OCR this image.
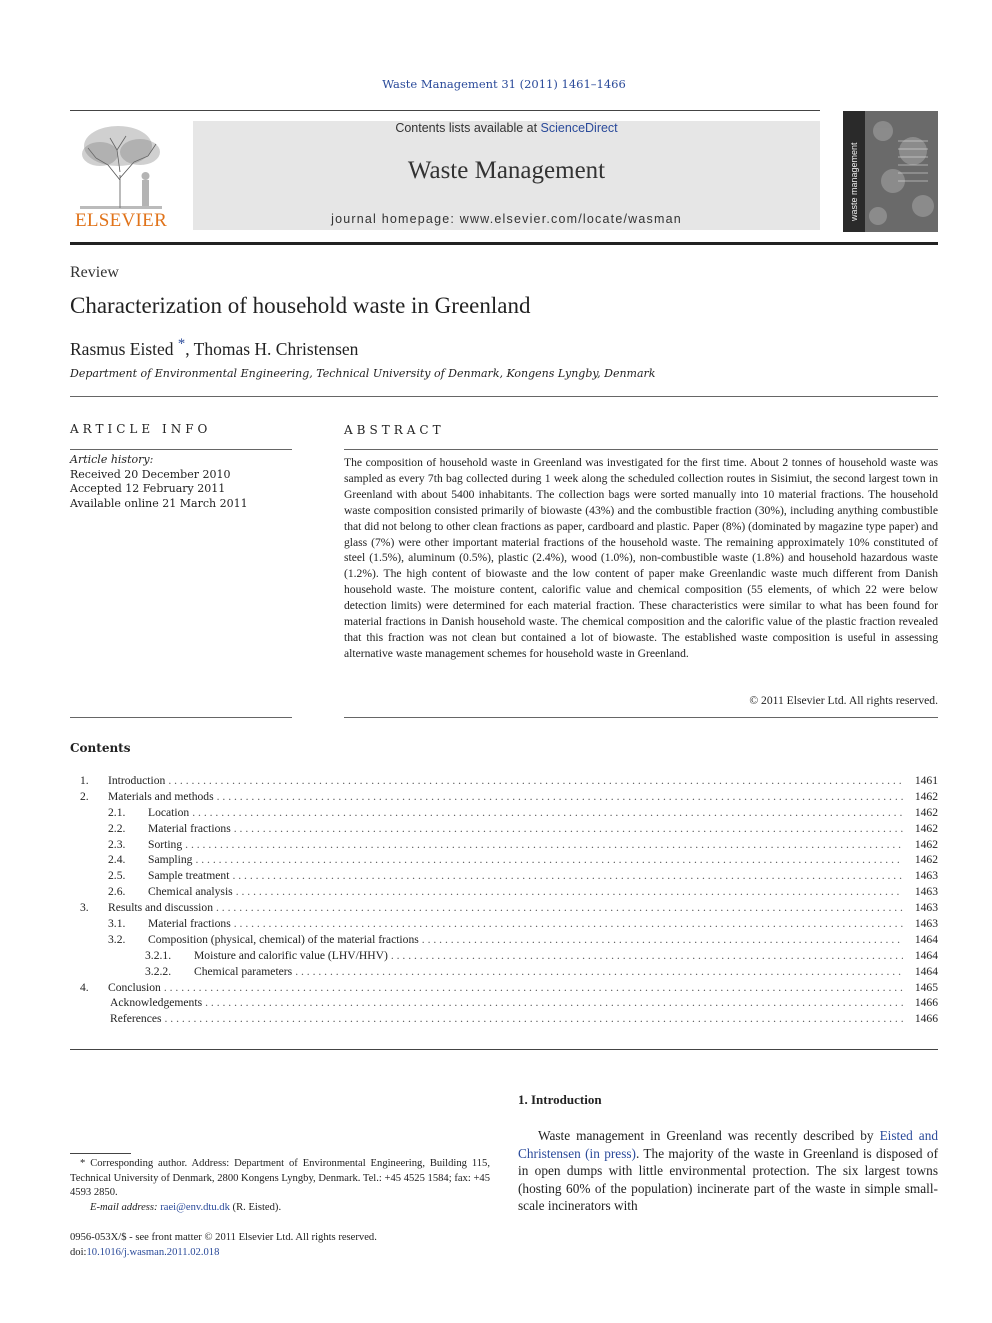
Waste Management 31 (2011) 1461–1466
ELSEVIER
Contents lists available at ScienceDirect
Waste Management
journal homepage: www.elsevier.com/locate/wasman	waste management
Review
Characterization of household waste in Greenland
Rasmus Eisted *, Thomas H. Christensen
Department of Environmental Engineering, Technical University of Denmark, Kongens Lyngby, Denmark
ARTICLE INFO
Article history:
Received 20 December 2010
Accepted 12 February 2011
Available online 21 March 2011
ABSTRACT
The composition of household waste in Greenland was investigated for the first time. About 2 tonnes of household waste was sampled as every 7th bag collected during 1 week along the scheduled collection routes in Sisimiut, the second largest town in Greenland with about 5400 inhabitants. The collection bags were sorted manually into 10 material fractions. The household waste composition consisted primarily of biowaste (43%) and the combustible fraction (30%), including anything combustible that did not belong to other clean fractions as paper, cardboard and plastic. Paper (8%) (dominated by magazine type paper) and glass (7%) were other important material fractions of the household waste. The remaining approximately 10% constituted of steel (1.5%), aluminum (0.5%), plastic (2.4%), wood (1.0%), non-combustible waste (1.8%) and household hazardous waste (1.2%). The high content of biowaste and the low content of paper make Greenlandic waste much different from Danish household waste. The moisture content, calorific value and chemical composition (55 elements, of which 22 were below detection limits) were determined for each material fraction. These characteristics were similar to what has been found for material fractions in Danish household waste. The chemical composition and the calorific value of the plastic fraction revealed that this fraction was not clean but contained a lot of biowaste. The established waste composition is useful in assessing alternative waste management schemes for household waste in Greenland.
© 2011 Elsevier Ltd. All rights reserved.
Contents
1. Introduction . . .	1461
2. Materials and methods . . .	1462
2.1. Location . . .	1462
2.2. Material fractions . . .	1462
2.3. Sorting . . .	1462
2.4. Sampling . . .	1462
2.5. Sample treatment . . .	1463
2.6. Chemical analysis . . .	1463
3. Results and discussion . . .	1463
3.1. Material fractions . . .	1463
3.2. Composition (physical, chemical) of the material fractions . . .	1464
3.2.1. Moisture and calorific value (LHV/HHV) . . .	1464
3.2.2. Chemical parameters . . .	1464
4. Conclusion . . .	1465
Acknowledgements . . .	1466
References . . .	1466
1. Introduction
Waste management in Greenland was recently described by Eisted and Christensen (in press). The majority of the waste in Greenland is disposed of in open dumps with little environmental protection. The six largest towns (hosting 60% of the population) incinerate part of the waste in simple small-scale incinerators with
* Corresponding author. Address: Department of Environmental Engineering, Building 115, Technical University of Denmark, 2800 Kongens Lyngby, Denmark. Tel.: +45 4525 1584; fax: +45 4593 2850.
E-mail address: raei@env.dtu.dk (R. Eisted).
0956-053X/$ - see front matter © 2011 Elsevier Ltd. All rights reserved.
doi:10.1016/j.wasman.2011.02.018
